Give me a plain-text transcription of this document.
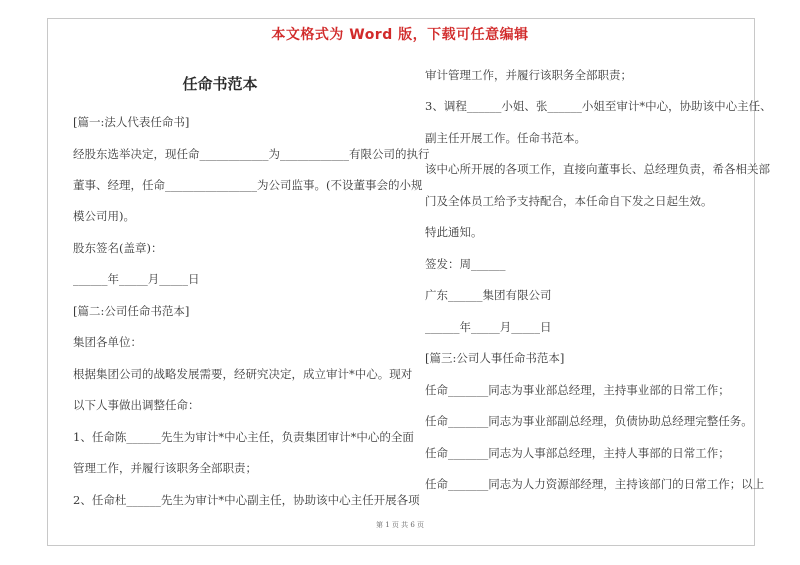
本文格式为 Word 版，下载可任意编辑
任命书范本

[篇一:法人代表任命书]

经股东选举决定，现任命____________为____________有限公司的执行

董事、经理，任命________________为公司监事。(不设董事会的小规

模公司用)。

股东签名(盖章)：

______年_____月_____日

[篇二:公司任命书范本]

集团各单位：

根据集团公司的战略发展需要，经研究决定，成立审计*中心。现对

以下人事做出调整任命：

1、任命陈______先生为审计*中心主任，负责集团审计*中心的全面

管理工作，并履行该职务全部职责；

2、任命杜______先生为审计*中心副主任，协助该中心主任开展各项

审计管理工作，并履行该职务全部职责；

3、调程______小姐、张______小姐至审计*中心，协助该中心主任、

副主任开展工作。任命书范本。

该中心所开展的各项工作，直接向董事长、总经理负责，希各相关部

门及全体员工给予支持配合，本任命自下发之日起生效。

特此通知。

签发：周______

广东______集团有限公司

______年_____月_____日

[篇三:公司人事任命书范本]

任命_______同志为事业部总经理，主持事业部的日常工作；

任命_______同志为事业部副总经理，负债协助总经理完整任务。

任命_______同志为人事部总经理，主持人事部的日常工作；

任命_______同志为人力资源部经理，主持该部门的日常工作；以上

第 1 页 共 6 页
